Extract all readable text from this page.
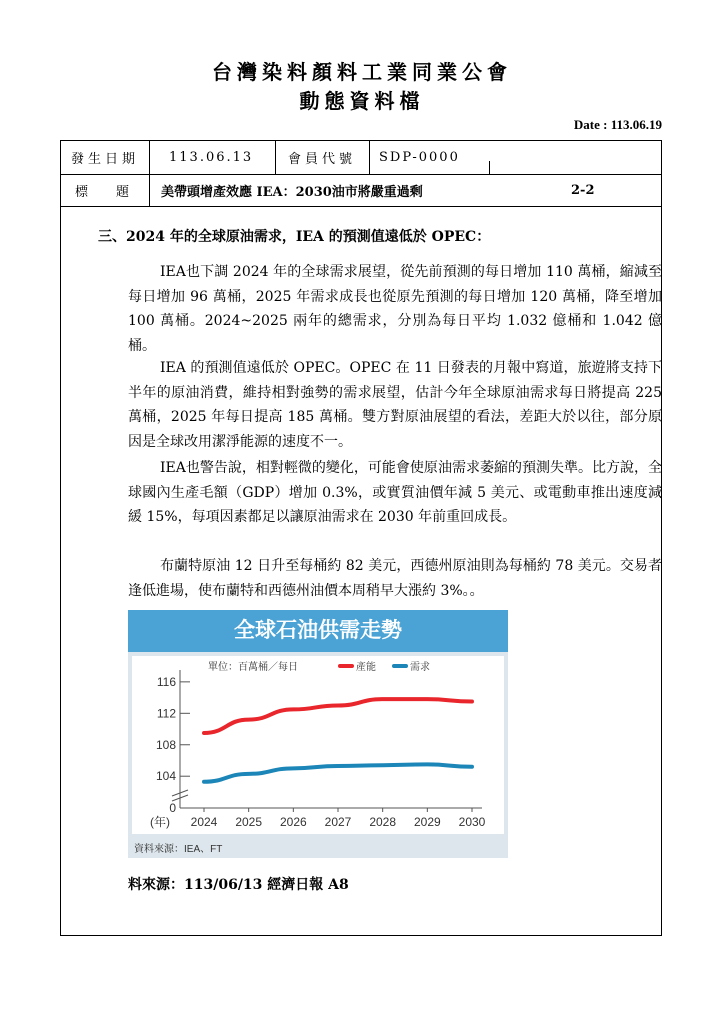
台灣染料顏料工業同業公會
動態資料檔
Date : 113.06.19
發生日期	113.06.13	會員代號	SDP-0000
標 題	美帶頭增產效應 IEA：2030油市將嚴重過剩	2-2
三、2024 年的全球原油需求，IEA 的預測值遠低於 OPEC：

IEA也下調 2024 年的全球需求展望，從先前預測的每日增加 110 萬桶，縮減至每日增加 96 萬桶，2025 年需求成長也從原先預測的每日增加 120 萬桶，降至增加 100 萬桶。2024~2025 兩年的總需求，分別為每日平均 1.032 億桶和 1.042 億桶。

IEA 的預測值遠低於 OPEC。OPEC 在 11 日發表的月報中寫道，旅遊將支持下半年的原油消費，維持相對強勢的需求展望，估計今年全球原油需求每日將提高 225 萬桶，2025 年每日提高 185 萬桶。雙方對原油展望的看法，差距大於以往，部分原因是全球改用潔淨能源的速度不一。

IEA也警告說，相對輕微的變化，可能會使原油需求萎縮的預測失準。比方說，全球國內生產毛額（GDP）增加 0.3%，或實質油價年減 5 美元、或電動車推出速度減緩 15%，每項因素都足以讓原油需求在 2030 年前重回成長。

布蘭特原油 12 日升至每桶約 82 美元，西德州原油則為每桶約 78 美元。交易者逢低進場，使布蘭特和西德州油價本周稍早大漲約 3%。。

全球石油供需走勢
0
104
108
112
116
2024 2025 2026 2027 2028 2029 2030
(年)
單位：百萬桶／每日	產能	需求
資料來源：IEA、FT
料來源：113/06/13 經濟日報 A8
